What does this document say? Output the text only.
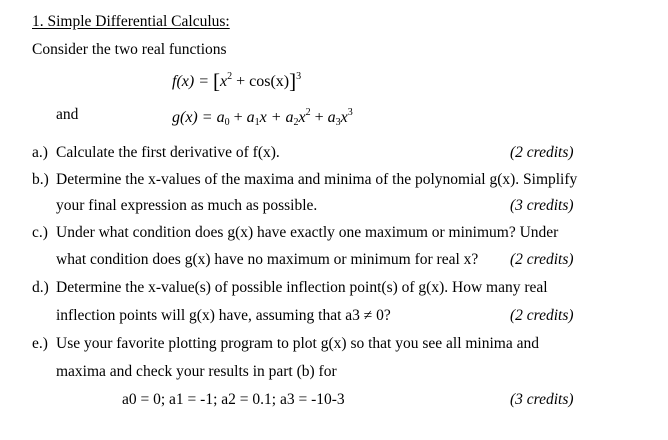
1. Simple Differential Calculus:
Consider the two real functions
$f(x) = [x^2 + \cos(x)]^3$
and	$g(x) = a_0 + a_1x + a_2x^2 + a_3x^3$
a.) Calculate the first derivative of f(x).	(2 credits)
b.) Determine the x-values of the maxima and minima of the polynomial g(x). Simplify
your final expression as much as possible.	(3 credits)
c.) Under what condition does g(x) have exactly one maximum or minimum? Under
what condition does g(x) have no maximum or minimum for real x? (2 credits)
d.) Determine the x-value(s) of possible inflection point(s) of g(x). How many real
inflection points will g(x) have, assuming that a3 ≠ 0?	(2 credits)
e.) Use your favorite plotting program to plot g(x) so that you see all minima and
maxima and check your results in part (b) for
a0 = 0; a1 = -1; a2 = 0.1; a3 = -10-3	(3 credits)
